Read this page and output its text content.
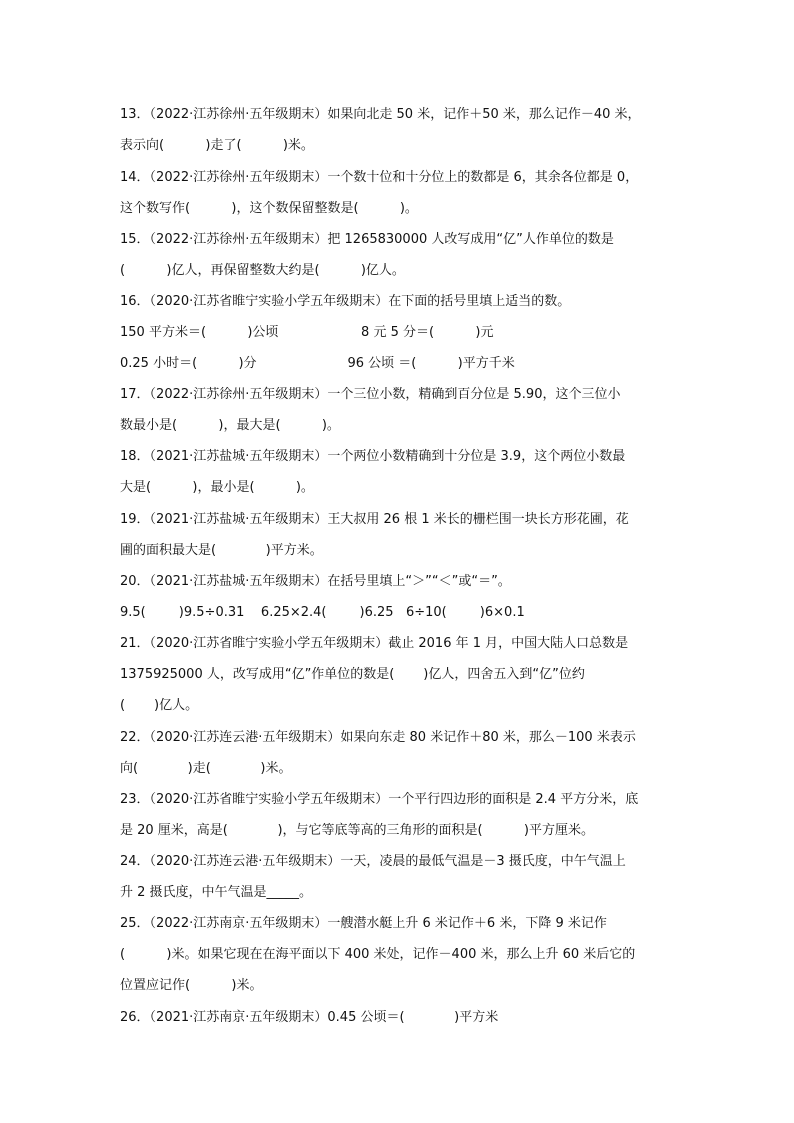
13．（2022·江苏徐州·五年级期末）如果向北走 50 米，记作＋50 米，那么记作－40 米，
表示向(          )走了(          )米。
14．（2022·江苏徐州·五年级期末）一个数十位和十分位上的数都是 6，其余各位都是 0，
这个数写作(          )，这个数保留整数是(          )。
15．（2022·江苏徐州·五年级期末）把 1265830000 人改写成用“亿”人作单位的数是
(          )亿人，再保留整数大约是(          )亿人。
16．（2020·江苏省睢宁实验小学五年级期末）在下面的括号里填上适当的数。
150 平方米＝(          )公顷                    8 元 5 分＝(          )元
0.25 小时＝(          )分                      96 公顷 ＝(          )平方千米
17．（2022·江苏徐州·五年级期末）一个三位小数，精确到百分位是 5.90，这个三位小
数最小是(          )，最大是(          )。
18．（2021·江苏盐城·五年级期末）一个两位小数精确到十分位是 3.9，这个两位小数最
大是(          )，最小是(          )。
19．（2021·江苏盐城·五年级期末）王大叔用 26 根 1 米长的栅栏围一块长方形花圃，花
圃的面积最大是(            )平方米。
20．（2021·江苏盐城·五年级期末）在括号里填上“＞”“＜”或“＝”。
9.5(        )9.5÷0.31    6.25×2.4(        )6.25   6÷10(        )6×0.1
21．（2020·江苏省睢宁实验小学五年级期末）截止 2016 年 1 月，中国大陆人口总数是
1375925000 人，改写成用“亿”作单位的数是(       )亿人，四舍五入到“亿”位约
(       )亿人。
22．（2020·江苏连云港·五年级期末）如果向东走 80 米记作＋80 米，那么－100 米表示
向(            )走(            )米。
23．（2020·江苏省睢宁实验小学五年级期末）一个平行四边形的面积是 2.4 平方分米，底
是 20 厘米，高是(            )，与它等底等高的三角形的面积是(          )平方厘米。
24．（2020·江苏连云港·五年级期末）一天，凌晨的最低气温是－3 摄氏度，中午气温上
升 2 摄氏度，中午气温是_____。
25．（2022·江苏南京·五年级期末）一艘潜水艇上升 6 米记作＋6 米，下降 9 米记作
(          )米。如果它现在在海平面以下 400 米处，记作－400 米，那么上升 60 米后它的
位置应记作(          )米。
26．（2021·江苏南京·五年级期末）0.45 公顷＝(            )平方米
